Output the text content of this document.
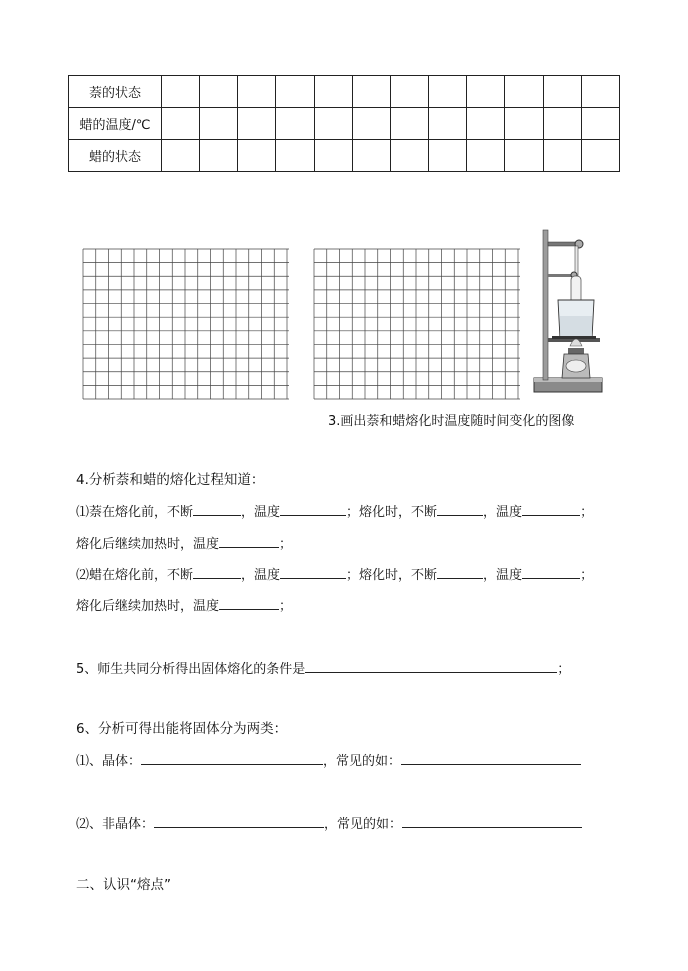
萘的状态												
蜡的温度/℃												
蜡的状态												
3.画出萘和蜡熔化时温度随时间变化的图像
4.分析萘和蜡的熔化过程知道：
⑴萘在熔化前，不断	，温度	；熔化时，不断	，温度	；
熔化后继续加热时，温度	；
⑵蜡在熔化前，不断	，温度	；熔化时，不断	，温度	；
熔化后继续加热时，温度	；
5、师生共同分析得出固体熔化的条件是	；
6、分析可得出能将固体分为两类：
⑴、晶体：	，常见的如：
⑵、非晶体：	，常见的如：
二、认识“熔点”
